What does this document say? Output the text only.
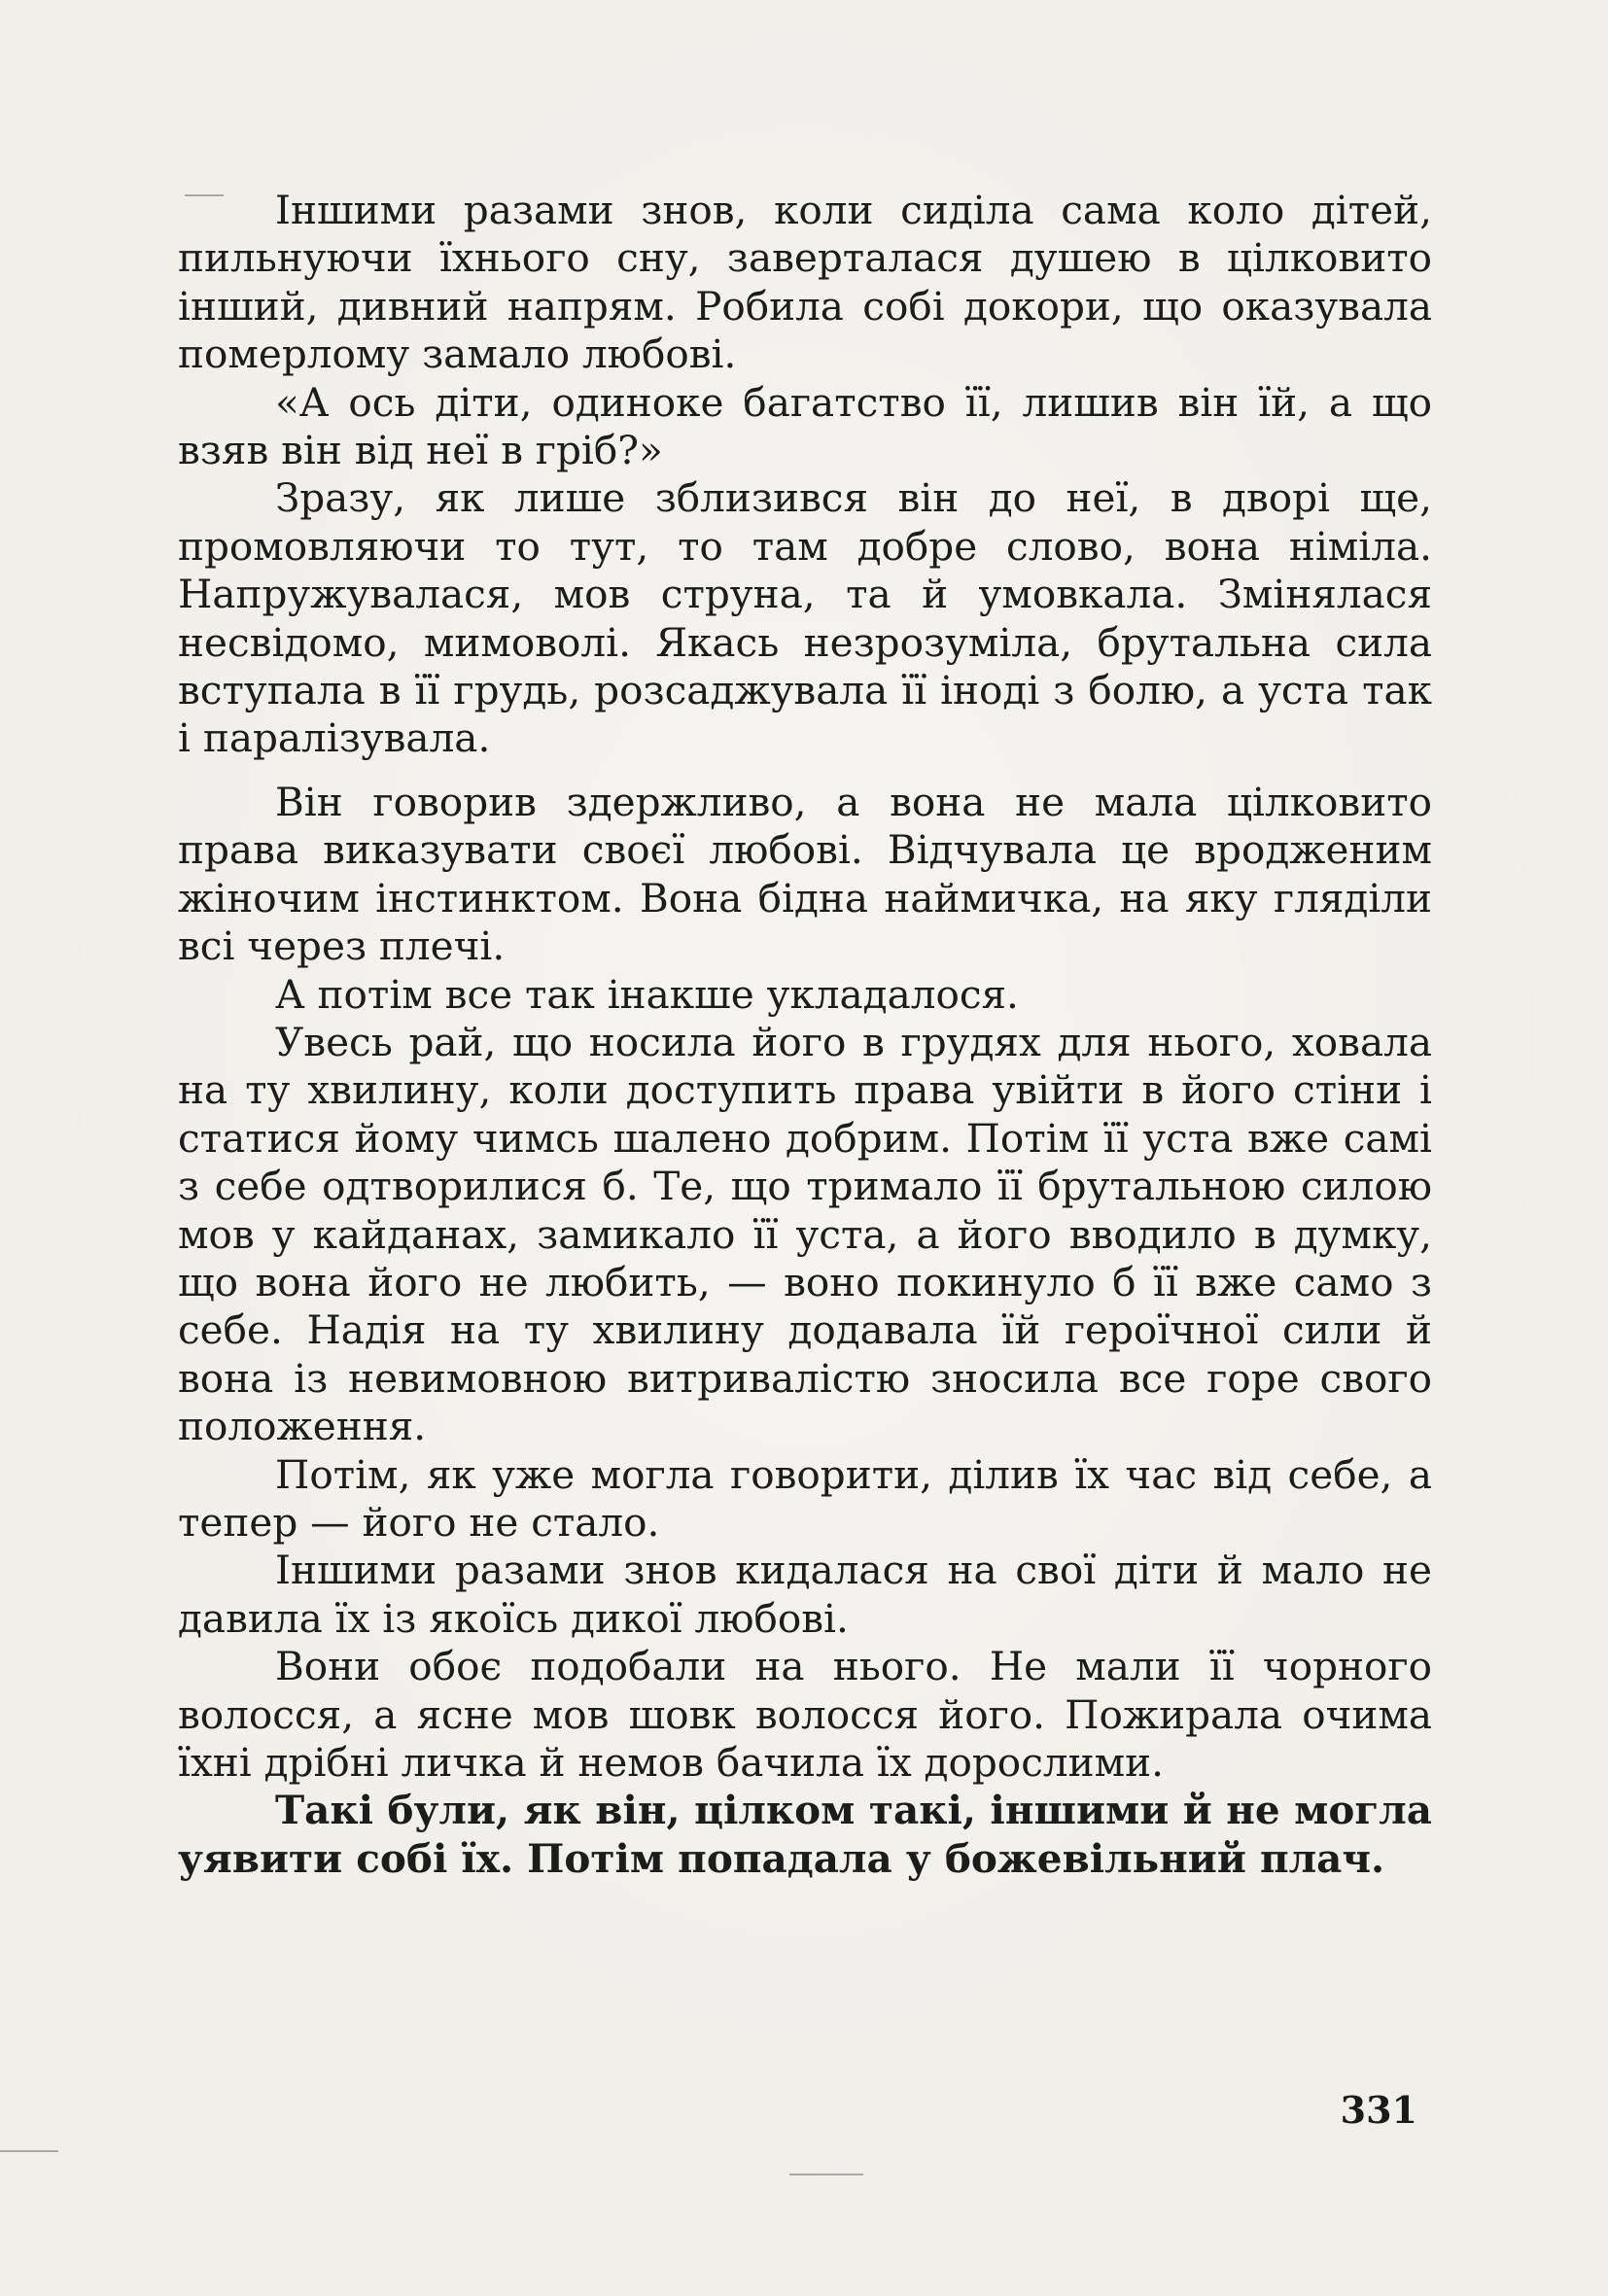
Іншими разами знов, коли сиділа сама коло дітей, пильнуючи їхнього сну, заверталася душею в цілковито інший, дивний напрям. Робила собі докори, що оказувала померлому замало любові.

«А ось діти, одиноке багатство її, лишив він їй, а що взяв він від неї в гріб?»

Зразу, як лише зблизився він до неї, в дворі ще, промовляючи то тут, то там добре слово, вона німіла. Напружувалася, мов струна, та й умовкала. Змінялася несвідомо, мимоволі. Якась незрозуміла, брутальна сила вступала в її грудь, розсаджувала її іноді з болю, а уста так і паралізувала.

Він говорив здержливо, а вона не мала цілковито права виказувати своєї любові. Відчувала це вродженим жіночим інстинктом. Вона бідна наймичка, на яку гляділи всі через плечі.

А потім все так інакше укладалося.

Увесь рай, що носила його в грудях для нього, ховала на ту хвилину, коли доступить права увійти в його стіни і статися йому чимсь шалено добрим. Потім її уста вже самі з себе одтворилися б. Те, що тримало її брутальною силою мов у кайданах, замикало її уста, а його вводило в думку, що вона його не любить, — воно покинуло б її вже само з себе. Надія на ту хвилину додавала їй героїчної сили й вона із невимовною витривалістю зносила все горе свого положення.

Потім, як уже могла говорити, ділив їх час від себе, а тепер — його не стало.

Іншими разами знов кидалася на свої діти й мало не давила їх із якоїсь дикої любові.

Вони обоє подобали на нього. Не мали її чорного волосся, а ясне мов шовк волосся його. Пожирала очима їхні дрібні личка й немов бачила їх дорослими.

Такі були, як він, цілком такі, іншими й не могла уявити собі їх. Потім попадала у божевільний плач.

331
